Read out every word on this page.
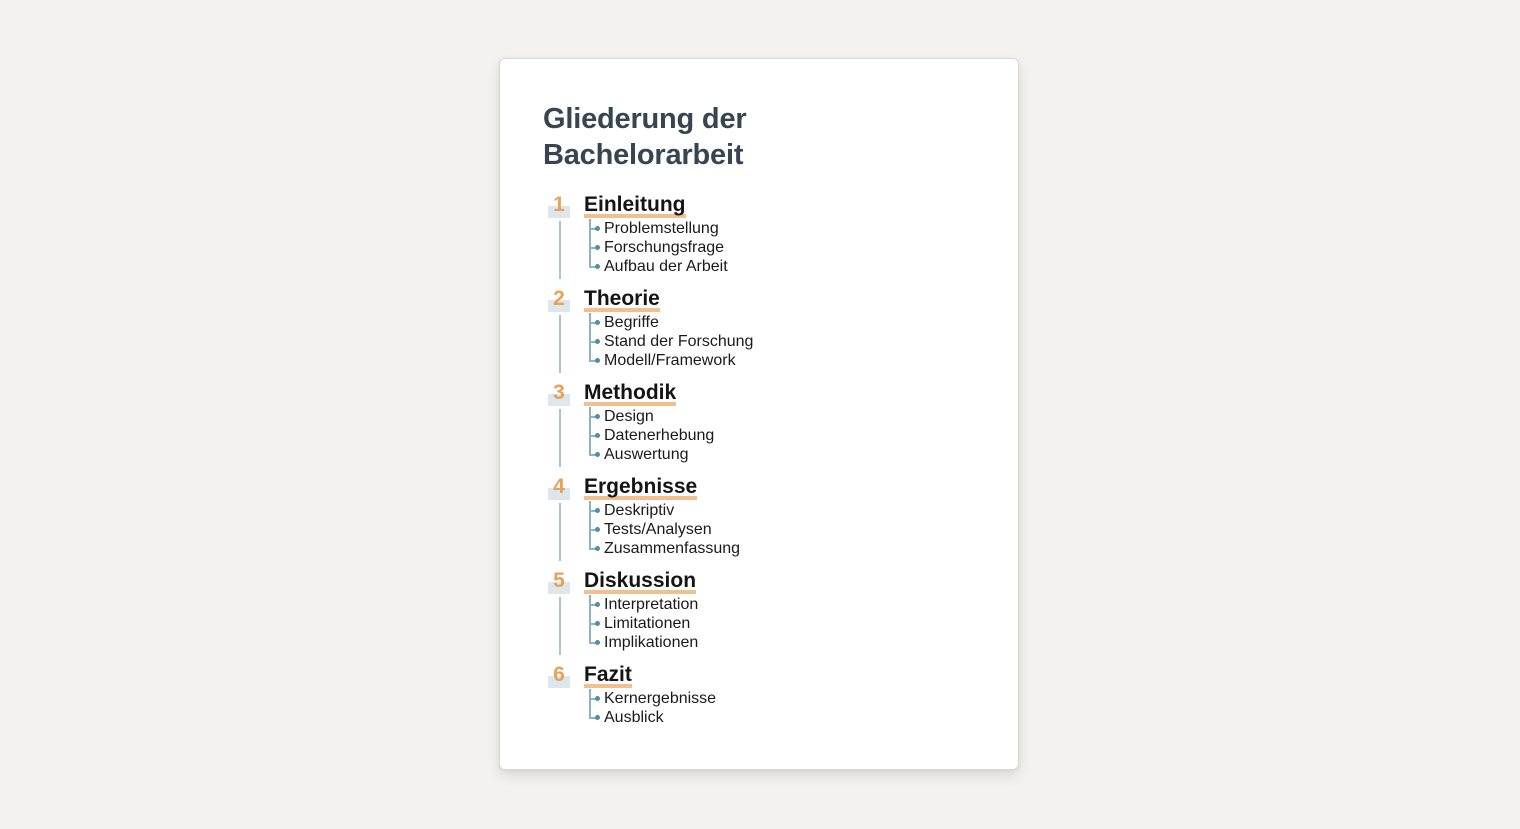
Gliederung der
Bachelorarbeit
1 Einleitung
Problemstellung
Forschungsfrage
Aufbau der Arbeit
2 Theorie
Begriffe
Stand der Forschung
Modell/Framework
3 Methodik
Design
Datenerhebung
Auswertung
4 Ergebnisse
Deskriptiv
Tests/Analysen
Zusammenfassung
5 Diskussion
Interpretation
Limitationen
Implikationen
6 Fazit
Kernergebnisse
Ausblick
